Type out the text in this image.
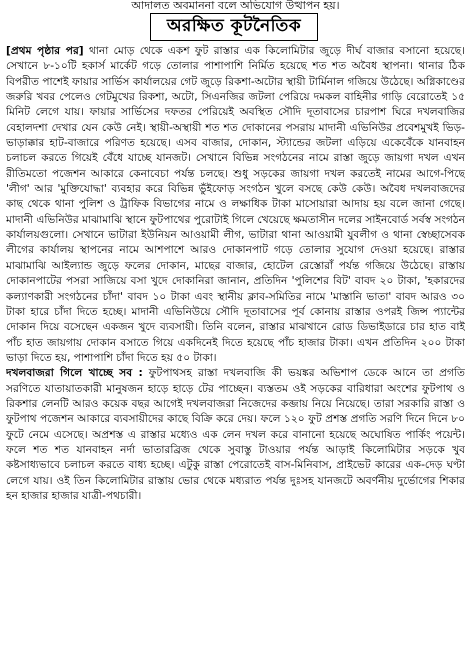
আদালত অবমাননা বলে অভিযোগ উত্থাপন হয়।
অরক্ষিত কূটনৈতিক

[প্রথম পৃষ্ঠার পর] থানা মোড় থেকে একশ ফুট রাস্তার এক কিলোমিটার জুড়ে দীর্ঘ বাজার বসানো হয়েছে। সেখানে ৮-১০টি হকার্স মার্কেট গড়ে তোলার পাশাপাশি নির্মিত হয়েছে শত শত অবৈধ স্থাপনা। থানার ঠিক বিপরীত পাশেই ফায়ার সার্ভিস কার্যালয়ের গেট জুড়ে রিকশা-অটোর স্থায়ী টার্মিনাল গজিয়ে উঠেছে। অগ্নিকাণ্ডের জরুরি খবর পেলেও গেটমুখের রিকশা, অটো, সিএনজির জটলা পেরিয়ে দমকল বাহিনীর গাড়ি বেরোতেই ১৫ মিনিট লেগে যায়। ফায়ার সার্ভিসের দফতর পেরিয়েই অবস্থিত সৌদি দূতাবাসের চারপাশ ঘিরে দখলবাজির বেহালদশা দেখার যেন কেউ নেই। স্থায়ী-অস্থায়ী শত শত দোকানের পসরায় মাদানী এভিনিউর প্রবেশমুখই ভিড়-ভাড়াক্কার হাট-বাজারে পরিণত হয়েছে। এসব বাজার, দোকান, স্ট্যান্ডের জটলা এড়িয়ে একেবেঁকে যানবাহন চলাচল করতে গিয়েই বেঁধে যাচ্ছে যানজট। সেখানে বিভিন্ন সংগঠনের নামে রাস্তা জুড়ে জায়গা দখল এখন রীতিমতো পজেশন আকারে কেনাবেচা পর্যন্ত চলছে। শুধু সড়কের জায়গা দখল করতেই নামের আগে-পিছে 'লীগ' আর 'মুক্তিযোদ্ধা' ব্যবহার করে বিভিন্ন ভুঁইফোড় সংগঠন খুলে বসছে কেউ কেউ। অবৈধ দখলবাজদের কাছ থেকে থানা পুলিশ ও ট্রাফিক বিভাগের নামে ও লক্ষাধিক টাকা মাসোয়ারা আদায় হয় বলে জানা গেছে। মাদানী এভিনিউর মাঝামাঝি স্থানে ফুটপাথের পুরোটাই গিলে খেয়েছে ক্ষমতাসীন দলের সাইনবোর্ড সর্বস্ব সংগঠন কার্যালয়গুলো। সেখানে ভাটারা ইউনিয়ন আওয়ামী লীগ, ভাটারা থানা আওয়ামী যুবলীগ ও থানা স্বেচ্ছাসেবক লীগের কার্যালয় স্থাপনের নামে আশপাশে আরও দোকানপাট গড়ে তোলার সুযোগ দেওয়া হয়েছে। রাস্তার মাঝামাঝি আইল্যান্ড জুড়ে ফলের দোকান, মাছের বাজার, হোটেল রেস্তোরাঁ পর্যন্ত গজিয়ে উঠেছে। রাস্তায় দোকানপাটের পসরা সাজিয়ে বসা খুদে দোকানিরা জানান, প্রতিদিন 'পুলিশের বিট' বাবদ ২০ টাকা, 'হকারদের কল্যাণকারী সংগঠনের চাঁদা' বাবদ ১০ টাকা এবং স্থানীয় ক্লাব-সমিতির নামে 'মাস্তানি ভাতা' বাবদ আরও ৩০ টাকা হারে চাঁদা দিতে হচ্ছে। মাদানী এভিনিউয়ে সৌদি দূতাবাসের পূর্ব কোনায় রাস্তার ওপরই জিন্স প্যান্টের দোকান দিয়ে বসেছেন একজন খুদে ব্যবসায়ী। তিনি বলেন, রাস্তার মাঝখানে রোড ডিভাইডারে চার হাত বাই পাঁচ হাত জায়গায় দোকান বসাতে গিয়ে একদিনেই দিতে হয়েছে পাঁচ হাজার টাকা। এখন প্রতিদিন ২০০ টাকা ভাড়া দিতে হয়, পাশাপাশি চাঁদা দিতে হয় ৫০ টাকা।

দখলবাজরা গিলে খাচ্ছে সব : ফুটপাথসহ রাস্তা দখলবাজি কী ভয়ঙ্কর অভিশাপ ডেকে আনে তা প্রগতি সরণিতে যাতায়াতকারী মানুষজন হাড়ে হাড়ে টের পাচ্ছেন। ব্যস্ততম ওই সড়কের বারিধারা অংশের ফুটপাথ ও রিকশার লেনটি আরও কয়েক বছর আগেই দখলবাজরা নিজেদের কব্জায় নিয়ে নিয়েছে। তারা সরকারি রাস্তা ও ফুটপাথ পজেশন আকারে ব্যবসায়ীদের কাছে বিক্রি করে দেয়। ফলে ১২০ ফুট প্রশস্ত প্রগতি সরণি দিনে দিনে ৮০ ফুটে নেমে এসেছে। অপ্রশস্ত এ রাস্তার মধ্যেও এক লেন দখল করে বানানো হয়েছে অঘোষিত পার্কিং পয়েন্ট। ফলে শত শত যানবাহন নর্দা ভাতারব্রিজ থেকে সুবাস্তু টাওয়ার পর্যন্ত আড়াই কিলোমিটার সড়কে খুব কষ্টসাধ্যভাবে চলাচল করতে বাধ্য হচ্ছে। এটুকু রাস্তা পেরোতেই বাস-মিনিবাস, প্রাইভেট কারের এক-দেড় ঘণ্টা লেগে যায়। ওই তিন কিলোমিটার রাস্তায় ভোর থেকে মধ্যরাত পর্যন্ত দুঃসহ যানজটে অবর্ণনীয় দুর্ভোগের শিকার হন হাজার হাজার যাত্রী-পথচারী।
